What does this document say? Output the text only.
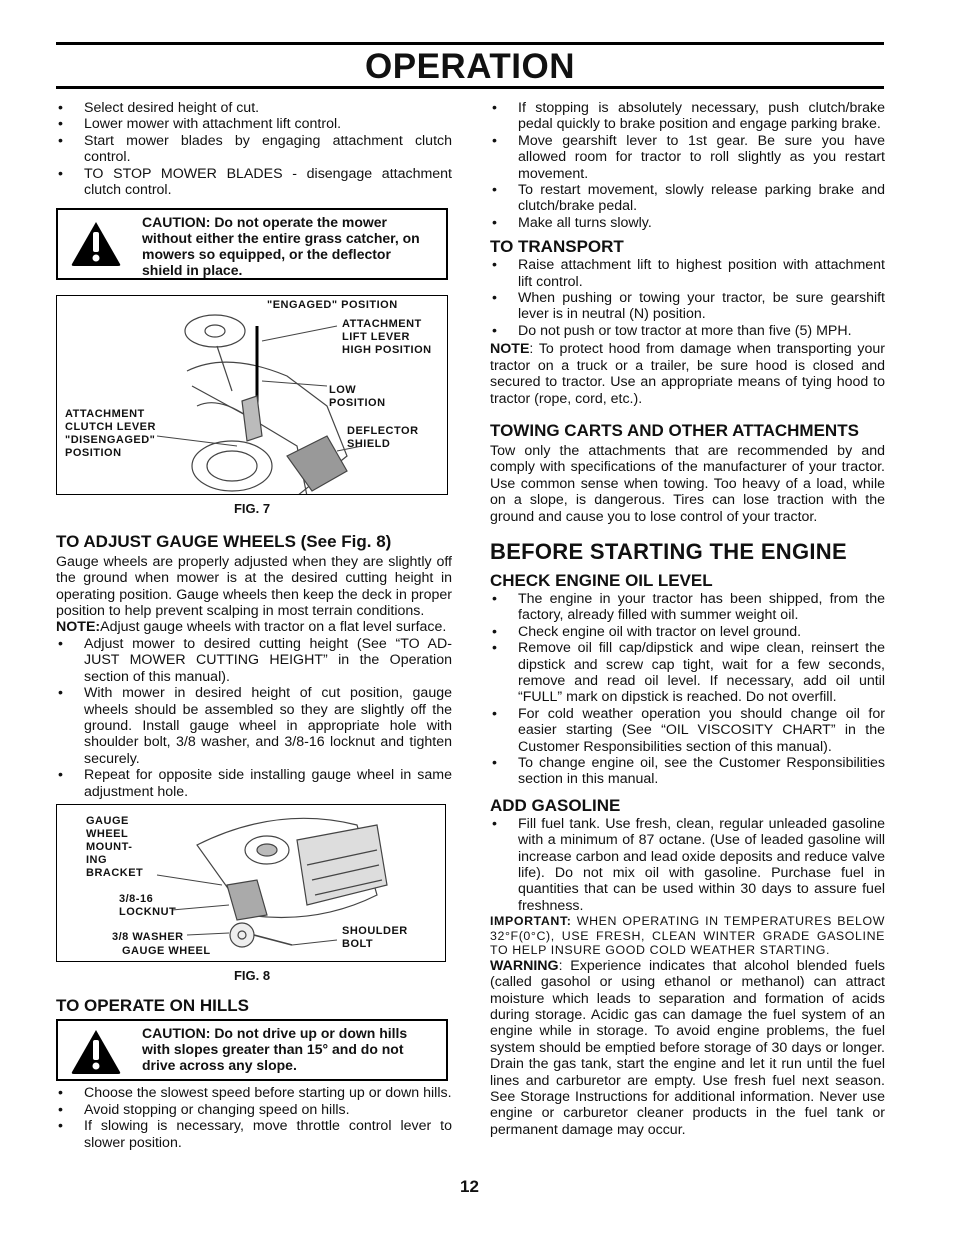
OPERATION
• Select desired height of cut.
• Lower mower with attachment lift control.
• Start mower blades by engaging attachment clutch control.
• TO STOP MOWER BLADES - disengage attachment clutch control.
CAUTION: Do not operate the mower without either the entire grass catcher, on mowers so equipped, or the deflector shield in place.
"ENGAGED" POSITION
ATTACHMENT LIFT LEVER HIGH POSITION
LOW POSITION
ATTACHMENT CLUTCH LEVER "DISENGAGED" POSITION
DEFLECTOR SHIELD
FIG. 7
TO ADJUST GAUGE WHEELS (See Fig. 8)

Gauge wheels are properly adjusted when they are slightly off the ground when mower is at the desired cutting height in operating position. Gauge wheels then keep the deck in proper position to help prevent scalping in most terrain conditions.

NOTE:Adjust gauge wheels with tractor on a flat level surface.

• Adjust mower to desired cutting height (See “TO AD- JUST MOWER CUTTING HEIGHT” in the Operation section of this manual).
• With mower in desired height of cut position, gauge wheels should be assembled so they are slightly off the ground. Install gauge wheel in appropriate hole with shoulder bolt, 3/8 washer, and 3/8-16 locknut and tighten securely.
• Repeat for opposite side installing gauge wheel in same adjustment hole.
GAUGE WHEEL MOUNT- ING BRACKET
3/8-16 LOCKNUT
3/8 WASHER
GAUGE WHEEL
SHOULDER BOLT
FIG. 8
TO OPERATE ON HILLS
CAUTION: Do not drive up or down hills with slopes greater than 15° and do not drive across any slope.
• Choose the slowest speed before starting up or down hills.
• Avoid stopping or changing speed on hills.
• If slowing is necessary, move throttle control lever to slower position.
• If stopping is absolutely necessary, push clutch/brake pedal quickly to brake position and engage parking brake.
• Move gearshift lever to 1st gear. Be sure you have allowed room for tractor to roll slightly as you restart movement.
• To restart movement, slowly release parking brake and clutch/brake pedal.
• Make all turns slowly.
TO TRANSPORT
• Raise attachment lift to highest position with attachment lift control.
• When pushing or towing your tractor, be sure gearshift lever is in neutral (N) position.
• Do not push or tow tractor at more than five (5) MPH.

NOTE: To protect hood from damage when transporting your tractor on a truck or a trailer, be sure hood is closed and secured to tractor. Use an appropriate means of tying hood to tractor (rope, cord, etc.).

TOWING CARTS AND OTHER ATTACHMENTS

Tow only the attachments that are recommended by and comply with specifications of the manufacturer of your tractor. Use common sense when towing. Too heavy of a load, while on a slope, is dangerous. Tires can lose traction with the ground and cause you to lose control of your tractor.

BEFORE STARTING THE ENGINE
CHECK ENGINE OIL LEVEL
• The engine in your tractor has been shipped, from the factory, already filled with summer weight oil.
• Check engine oil with tractor on level ground.
• Remove oil fill cap/dipstick and wipe clean, reinsert the dipstick and screw cap tight, wait for a few seconds, remove and read oil level. If necessary, add oil until “FULL” mark on dipstick is reached. Do not overfill.
• For cold weather operation you should change oil for easier starting (See “OIL VISCOSITY CHART” in the Customer Responsibilities section of this manual).
• To change engine oil, see the Customer Responsibilities section in this manual.
ADD GASOLINE
• Fill fuel tank. Use fresh, clean, regular unleaded gasoline with a minimum of 87 octane. (Use of leaded gasoline will increase carbon and lead oxide deposits and reduce valve life). Do not mix oil with gasoline. Purchase fuel in quantities that can be used within 30 days to assure fuel freshness.

IMPORTANT: WHEN OPERATING IN TEMPERATURES BELOW 32°F(0°C), USE FRESH, CLEAN WINTER GRADE GASOLINE TO HELP INSURE GOOD COLD WEATHER STARTING.

WARNING: Experience indicates that alcohol blended fuels (called gasohol or using ethanol or methanol) can attract moisture which leads to separation and formation of acids during storage. Acidic gas can damage the fuel system of an engine while in storage. To avoid engine problems, the fuel system should be emptied before storage of 30 days or longer. Drain the gas tank, start the engine and let it run until the fuel lines and carburetor are empty. Use fresh fuel next season. See Storage Instructions for additional information. Never use engine or carburetor cleaner products in the fuel tank or permanent damage may occur.

12
